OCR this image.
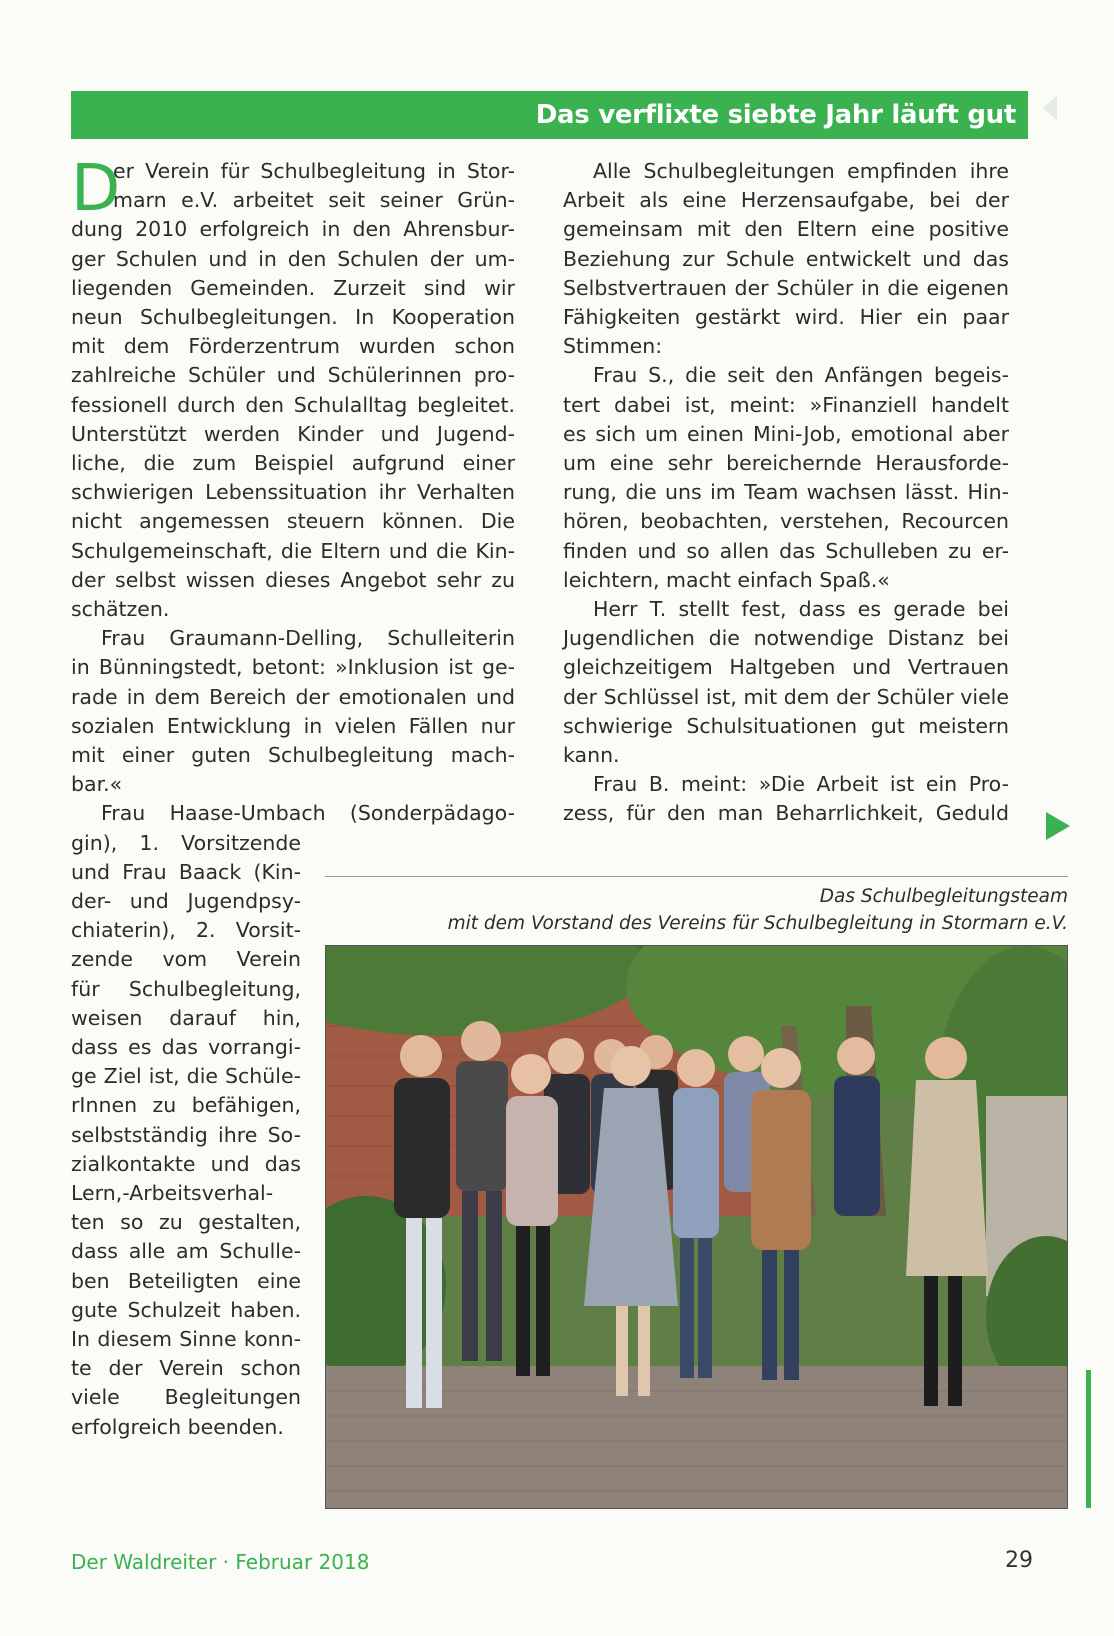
Das verflixte siebte Jahr läuft gut
D
er Verein für Schulbegleitung in Stor-
marn e.V. arbeitet seit seiner Grün-
dung 2010 erfolgreich in den Ahrensbur-
ger Schulen und in den Schulen der um-
liegenden Gemeinden. Zurzeit sind wir
neun Schulbegleitungen. In Kooperation
mit dem Förderzentrum wurden schon
zahlreiche Schüler und Schülerinnen pro-
fessionell durch den Schulalltag begleitet.
Unterstützt werden Kinder und Jugend-
liche, die zum Beispiel aufgrund einer
schwierigen Lebenssituation ihr Verhalten
nicht angemessen steuern können. Die
Schulgemeinschaft, die Eltern und die Kin-
der selbst wissen dieses Angebot sehr zu
schätzen.
Frau Graumann-Delling, Schulleiterin
in Bünningstedt, betont: »Inklusion ist ge-
rade in dem Bereich der emotionalen und
sozialen Entwicklung in vielen Fällen nur
mit einer guten Schulbegleitung mach-
bar.«
Frau Haase-Umbach (Sonderpädago-
gin), 1. Vorsitzende
und Frau Baack (Kin-
der- und Jugendpsy-
chiaterin), 2. Vorsit-
zende vom Verein
für Schulbegleitung,
weisen darauf hin,
dass es das vorrangi-
ge Ziel ist, die Schüle-
rInnen zu befähigen,
selbstständig ihre So-
zialkontakte und das
Lern,-Arbeitsverhal-
ten so zu gestalten,
dass alle am Schulle-
ben Beteiligten eine
gute Schulzeit haben.
In diesem Sinne konn-
te der Verein schon
viele Begleitungen
erfolgreich beenden.
Alle Schulbegleitungen empfinden ihre
Arbeit als eine Herzensaufgabe, bei der
gemeinsam mit den Eltern eine positive
Beziehung zur Schule entwickelt und das
Selbstvertrauen der Schüler in die eigenen
Fähigkeiten gestärkt wird. Hier ein paar
Stimmen:
Frau S., die seit den Anfängen begeis-
tert dabei ist, meint: »Finanziell handelt
es sich um einen Mini-Job, emotional aber
um eine sehr bereichernde Herausforde-
rung, die uns im Team wachsen lässt. Hin-
hören, beobachten, verstehen, Recourcen
finden und so allen das Schulleben zu er-
leichtern, macht einfach Spaß.«
Herr T. stellt fest, dass es gerade bei
Jugendlichen die notwendige Distanz bei
gleichzeitigem Haltgeben und Vertrauen
der Schlüssel ist, mit dem der Schüler viele
schwierige Schulsituationen gut meistern
kann.
Frau B. meint: »Die Arbeit ist ein Pro-
zess, für den man Beharrlichkeit, Geduld
Das Schulbegleitungsteam
mit dem Vorstand des Vereins für Schulbegleitung in Stormarn e.V.
Der Waldreiter · Februar 2018	29
